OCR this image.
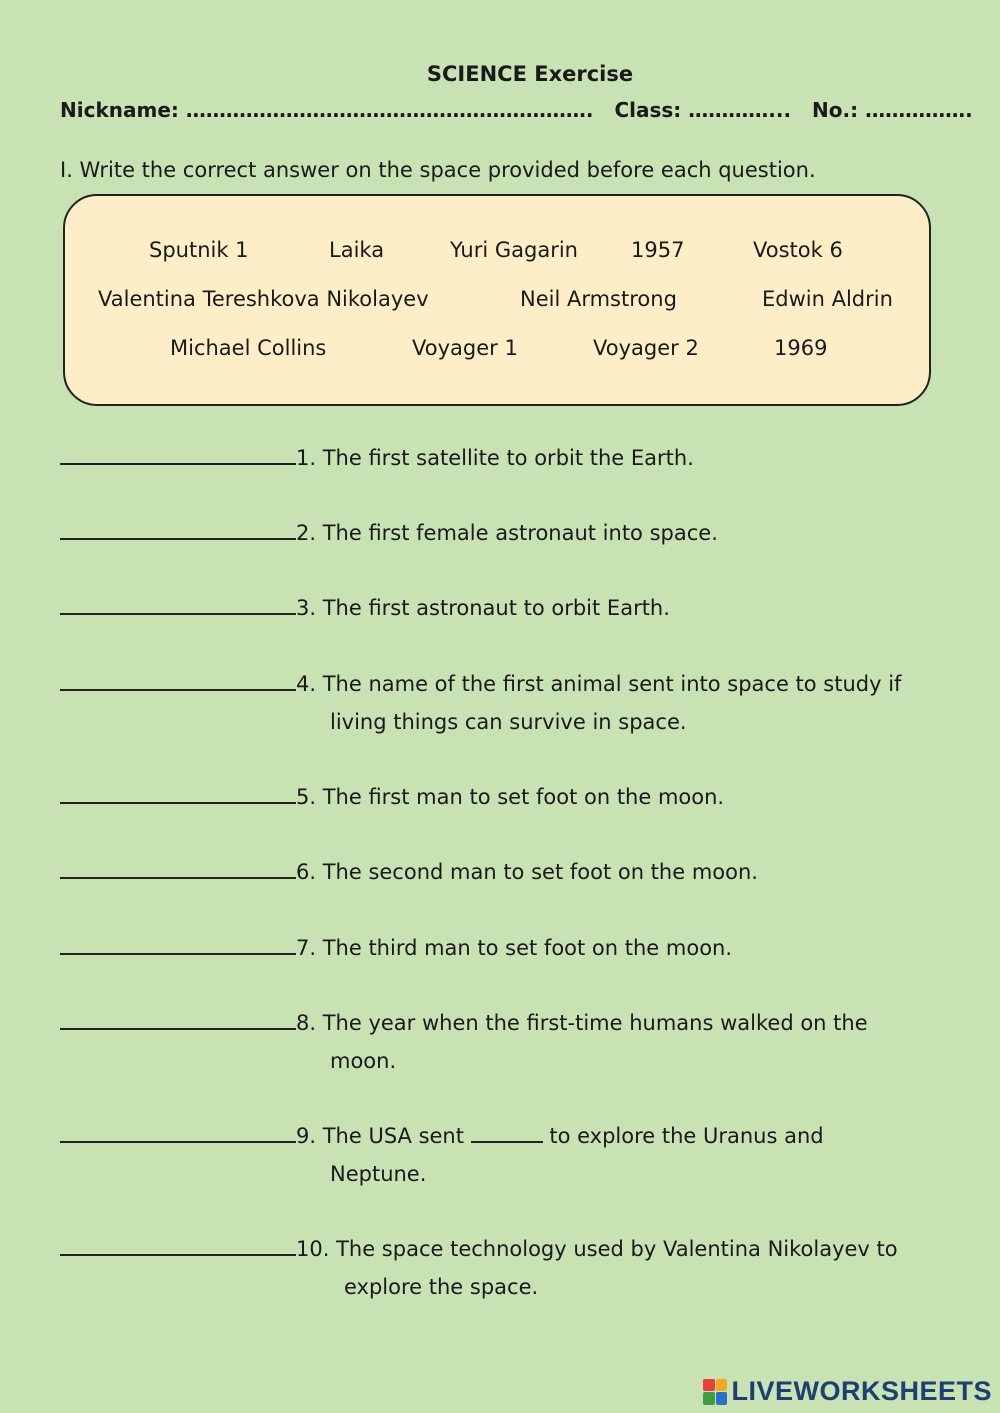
SCIENCE Exercise
Nickname: ……………………………………………………. Class: …………... No.: …………….
I. Write the correct answer on the space provided before each question.
Sputnik 1	Laika	Yuri Gagarin	1957	Vostok 6
Valentina Tereshkova Nikolayev	Neil Armstrong	Edwin Aldrin
Michael Collins	Voyager 1	Voyager 2	1969
1. The first satellite to orbit the Earth.
2. The first female astronaut into space.
3. The first astronaut to orbit Earth.
4. The name of the first animal sent into space to study if
living things can survive in space.
5. The first man to set foot on the moon.
6. The second man to set foot on the moon.
7. The third man to set foot on the moon.
8. The year when the first-time humans walked on the
moon.
9. The USA sent	to explore the Uranus and
Neptune.
10. The space technology used by Valentina Nikolayev to
explore the space.
LIVEWORKSHEETS
